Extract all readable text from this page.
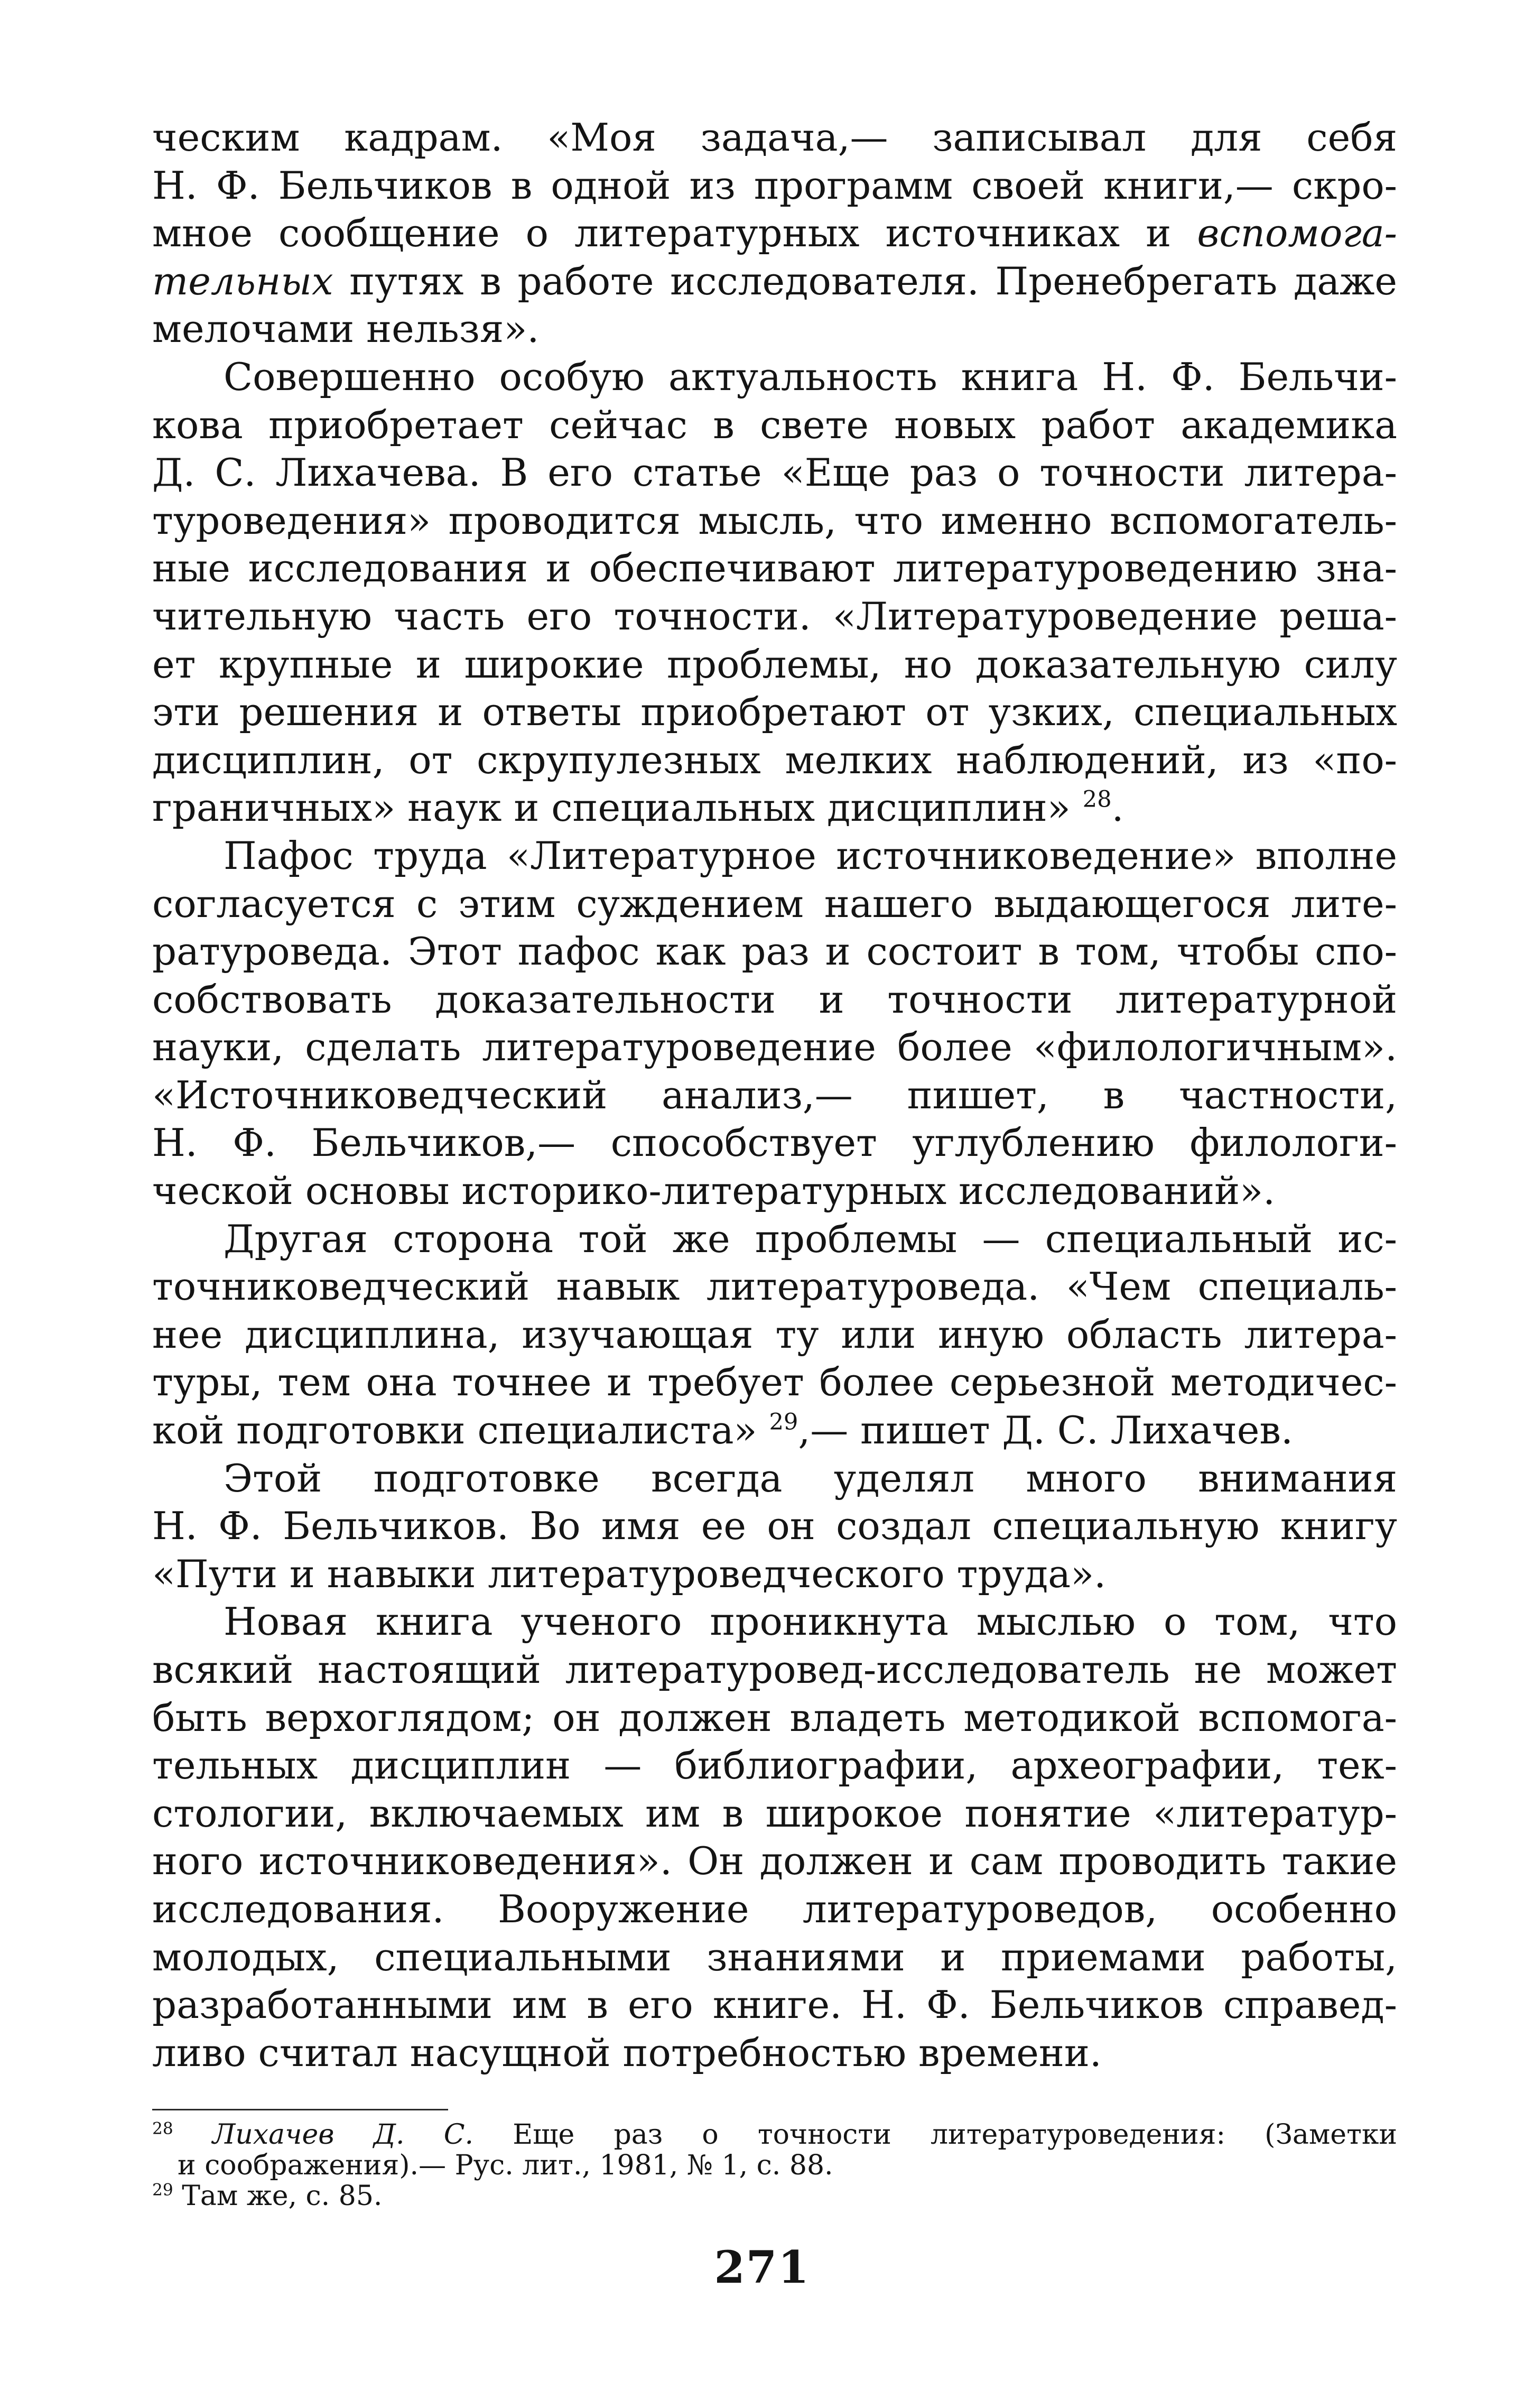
ческим кадрам. «Моя задача,— записывал для себя
Н. Ф. Бельчиков в одной из программ своей книги,— скро-
мное сообщение о литературных источниках и вспомога-
тельных путях в работе исследователя. Пренебрегать даже
мелочами нельзя».
Совершенно особую актуальность книга Н. Ф. Бельчи-
кова приобретает сейчас в свете новых работ академика
Д. С. Лихачева. В его статье «Еще раз о точности литера-
туроведения» проводится мысль, что именно вспомогатель-
ные исследования и обеспечивают литературоведению зна-
чительную часть его точности. «Литературоведение реша-
ет крупные и широкие проблемы, но доказательную силу
эти решения и ответы приобретают от узких, специальных
дисциплин, от скрупулезных мелких наблюдений, из «по-
граничных» наук и специальных дисциплин» $^{28}$.
Пафос труда «Литературное источниковедение» вполне
согласуется с этим суждением нашего выдающегося лите-
ратуроведа. Этот пафос как раз и состоит в том, чтобы спо-
собствовать доказательности и точности литературной
науки, сделать литературоведение более «филологичным».
«Источниковедческий анализ,— пишет, в частности,
Н. Ф. Бельчиков,— способствует углублению филологи-
ческой основы историко-литературных исследований».
Другая сторона той же проблемы — специальный ис-
точниковедческий навык литературоведа. «Чем специаль-
нее дисциплина, изучающая ту или иную область литера-
туры, тем она точнее и требует более серьезной методичес-
кой подготовки специалиста» $^{29}$,— пишет Д. С. Лихачев.
Этой подготовке всегда уделял много внимания
Н. Ф. Бельчиков. Во имя ее он создал специальную книгу
«Пути и навыки литературоведческого труда».
Новая книга ученого проникнута мыслью о том, что
всякий настоящий литературовед-исследователь не может
быть верхоглядом; он должен владеть методикой вспомога-
тельных дисциплин — библиографии, археографии, тек-
стологии, включаемых им в широкое понятие «литератур-
ного источниковедения». Он должен и сам проводить такие
исследования. Вооружение литературоведов, особенно
молодых, специальными знаниями и приемами работы,
разработанными им в его книге. Н. Ф. Бельчиков справед-
ливо считал насущной потребностью времени.
$^{28}$ Лихачев Д. С. Еще раз о точности литературоведения: (Заметки
и соображения).— Рус. лит., 1981, № 1, с. 88.
$^{29}$ Там же, с. 85.
271
